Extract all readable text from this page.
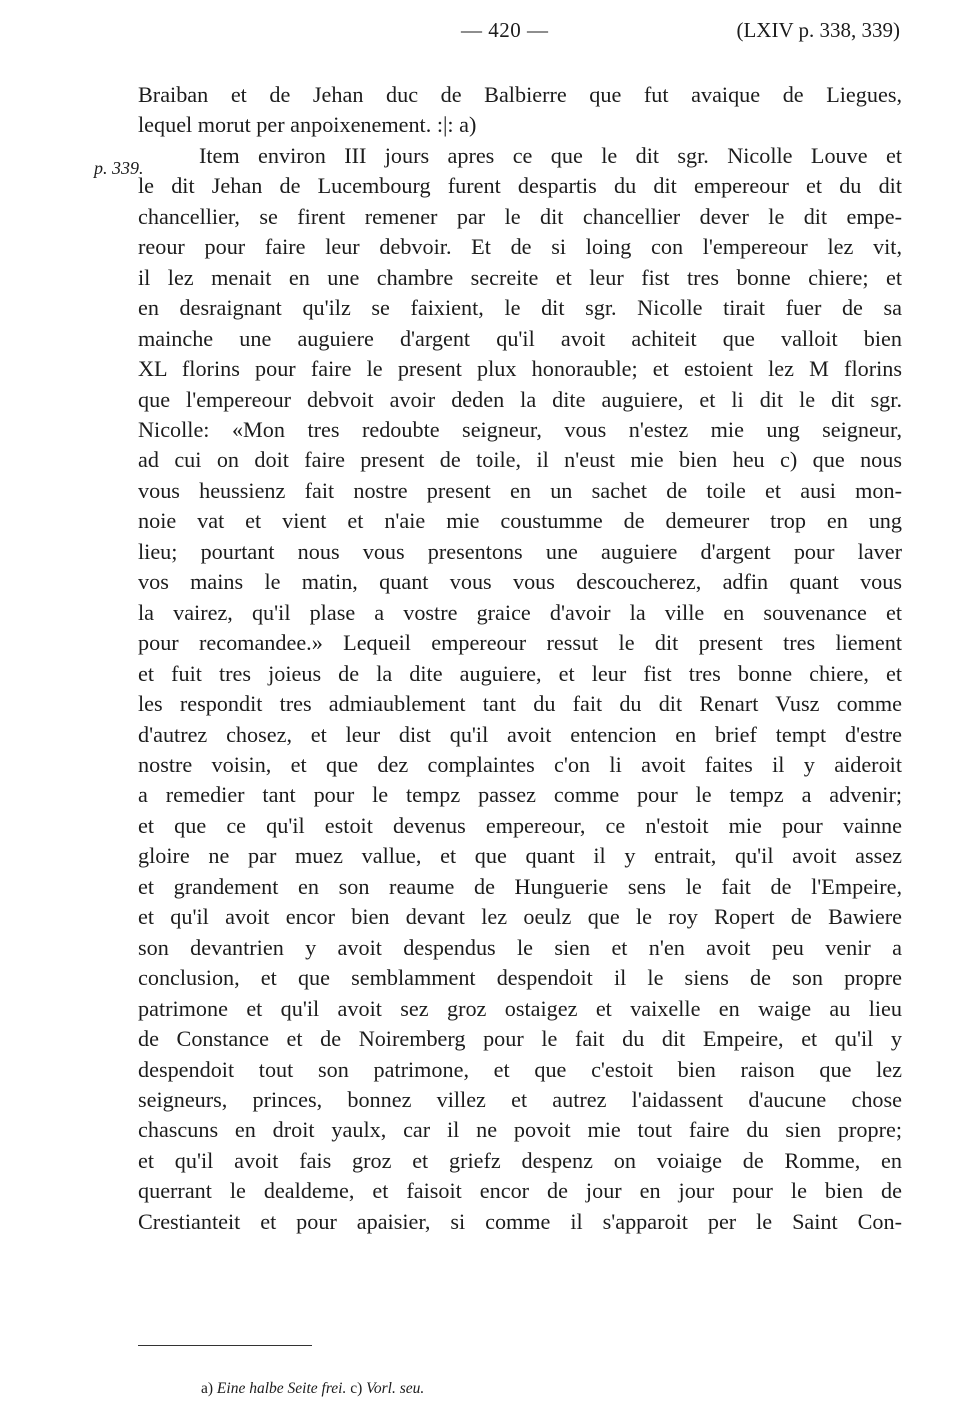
— 420 —	(LXIV p. 338, 339)
p. 339.
Braiban et de Jehan duc de Balbierre que fut avaique de Liegues,
lequel morut per anpoixenement. :|: a)
Item environ III jours apres ce que le dit sgr. Nicolle Louve et
le dit Jehan de Lucembourg furent despartis du dit empereour et du dit
chancellier, se firent remener par le dit chancellier dever le dit empe-
reour pour faire leur debvoir. Et de si loing con l'empereour lez vit,
il lez menait en une chambre secreite et leur fist tres bonne chiere; et
en desraignant qu'ilz se faixient, le dit sgr. Nicolle tirait fuer de sa
mainche une auguiere d'argent qu'il avoit achiteit que valloit bien
XL florins pour faire le present plux honorauble; et estoient lez M florins
que l'empereour debvoit avoir deden la dite auguiere, et li dit le dit sgr.
Nicolle: «Mon tres redoubte seigneur, vous n'estez mie ung seigneur,
ad cui on doit faire present de toile, il n'eust mie bien heu c) que nous
vous heussienz fait nostre present en un sachet de toile et ausi mon-
noie vat et vient et n'aie mie coustumme de demeurer trop en ung
lieu; pourtant nous vous presentons une auguiere d'argent pour laver
vos mains le matin, quant vous vous descoucherez, adfin quant vous
la vairez, qu'il plase a vostre graice d'avoir la ville en souvenance et
pour recomandee.» Lequeil empereour ressut le dit present tres liement
et fuit tres joieus de la dite auguiere, et leur fist tres bonne chiere, et
les respondit tres admiaublement tant du fait du dit Renart Vusz comme
d'autrez chosez, et leur dist qu'il avoit entencion en brief tempt d'estre
nostre voisin, et que dez complaintes c'on li avoit faites il y aideroit
a remedier tant pour le tempz passez comme pour le tempz a advenir;
et que ce qu'il estoit devenus empereour, ce n'estoit mie pour vainne
gloire ne par muez vallue, et que quant il y entrait, qu'il avoit assez
et grandement en son reaume de Hunguerie sens le fait de l'Empeire,
et qu'il avoit encor bien devant lez oeulz que le roy Ropert de Bawiere
son devantrien y avoit despendus le sien et n'en avoit peu venir a
conclusion, et que semblamment despendoit il le siens de son propre
patrimone et qu'il avoit sez groz ostaigez et vaixelle en waige au lieu
de Constance et de Noiremberg pour le fait du dit Empeire, et qu'il y
despendoit tout son patrimone, et que c'estoit bien raison que lez
seigneurs, princes, bonnez villez et autrez l'aidassent d'aucune chose
chascuns en droit yaulx, car il ne povoit mie tout faire du sien propre;
et qu'il avoit fais groz et griefz despenz on voiaige de Romme, en
querrant le dealdeme, et faisoit encor de jour en jour pour le bien de
Crestianteit et pour apaisier, si comme il s'apparoit per le Saint Con-
a) Eine halbe Seite frei. c) Vorl. seu.
